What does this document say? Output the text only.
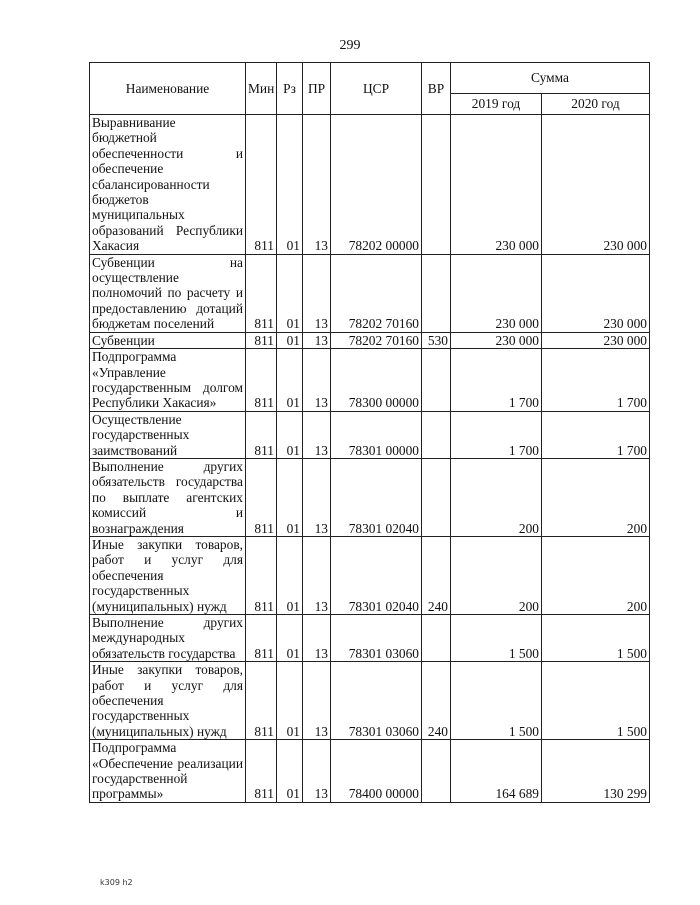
299
Наименование	Мин	Рз	ПР	ЦСР	ВР	Сумма	
						2019 год	2020 год
Выравнивание бюджетной обеспеченности и обеспечение сбалансированности бюджетов муниципальных образований Республики Хакасия	811	01	13	78202 00000		230 000	230 000
Субвенции на осуществление полномочий по расчету и предоставлению дотаций бюджетам поселений	811	01	13	78202 70160		230 000	230 000
Субвенции	811	01	13	78202 70160	530	230 000	230 000
Подпрограмма «Управление государственным долгом Республики Хакасия»	811	01	13	78300 00000		1 700	1 700
Осуществление государственных заимствований	811	01	13	78301 00000		1 700	1 700
Выполнение других обязательств государства по выплате агентских комиссий и вознаграждения	811	01	13	78301 02040		200	200
Иные закупки товаров, работ и услуг для обеспечения государственных (муниципальных) нужд	811	01	13	78301 02040	240	200	200
Выполнение других международных обязательств государства	811	01	13	78301 03060		1 500	1 500
Иные закупки товаров, работ и услуг для обеспечения государственных (муниципальных) нужд	811	01	13	78301 03060	240	1 500	1 500
Подпрограмма «Обеспечение реализации государственной программы»	811	01	13	78400 00000		164 689	130 299
k309 h2
